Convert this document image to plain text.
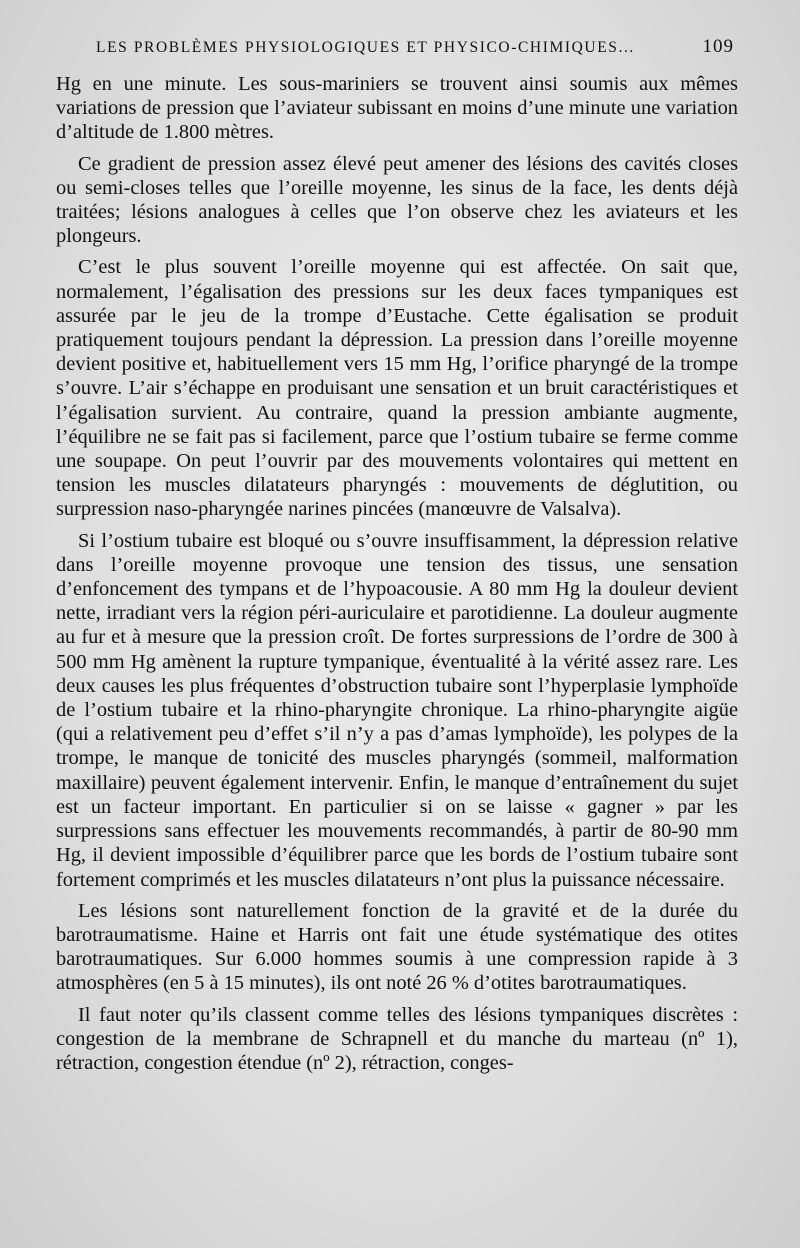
LES PROBLÈMES PHYSIOLOGIQUES ET PHYSICO-CHIMIQUES...	109

Hg en une minute. Les sous-mariniers se trouvent ainsi soumis aux mêmes variations de pression que l’aviateur subissant en moins d’une minute une variation d’altitude de 1.800 mètres.

Ce gradient de pression assez élevé peut amener des lésions des cavités closes ou semi-closes telles que l’oreille moyenne, les sinus de la face, les dents déjà traitées; lésions analogues à celles que l’on observe chez les aviateurs et les plongeurs.

C’est le plus souvent l’oreille moyenne qui est affectée. On sait que, normalement, l’égalisation des pressions sur les deux faces tympaniques est assurée par le jeu de la trompe d’Eustache. Cette égalisation se produit pratiquement toujours pendant la dépression. La pression dans l’oreille moyenne devient positive et, habituellement vers 15 mm Hg, l’orifice pharyngé de la trompe s’ouvre. L’air s’échappe en produisant une sensation et un bruit caractéristiques et l’égalisation survient. Au contraire, quand la pression ambiante augmente, l’équilibre ne se fait pas si facilement, parce que l’ostium tubaire se ferme comme une soupape. On peut l’ouvrir par des mouvements volontaires qui mettent en tension les muscles dilatateurs pharyngés : mouvements de déglutition, ou surpression naso-pharyngée narines pincées (manœuvre de Valsalva).

Si l’ostium tubaire est bloqué ou s’ouvre insuffisamment, la dépression relative dans l’oreille moyenne provoque une tension des tissus, une sensation d’enfoncement des tympans et de l’hypoacousie. A 80 mm Hg la douleur devient nette, irradiant vers la région péri-auriculaire et parotidienne. La douleur augmente au fur et à mesure que la pression croît. De fortes surpressions de l’ordre de 300 à 500 mm Hg amènent la rupture tympanique, éventualité à la vérité assez rare. Les deux causes les plus fréquentes d’obstruction tubaire sont l’hyperplasie lymphoïde de l’ostium tubaire et la rhino-pharyngite chronique. La rhino-pharyngite aigüe (qui a relativement peu d’effet s’il n’y a pas d’amas lymphoïde), les polypes de la trompe, le manque de tonicité des muscles pharyngés (sommeil, malformation maxillaire) peuvent également intervenir. Enfin, le manque d’entraînement du sujet est un facteur important. En particulier si on se laisse « gagner » par les surpressions sans effectuer les mouvements recommandés, à partir de 80-90 mm Hg, il devient impossible d’équilibrer parce que les bords de l’ostium tubaire sont fortement comprimés et les muscles dilatateurs n’ont plus la puissance nécessaire.

Les lésions sont naturellement fonction de la gravité et de la durée du barotraumatisme. Haine et Harris ont fait une étude systématique des otites barotraumatiques. Sur 6.000 hommes soumis à une compression rapide à 3 atmosphères (en 5 à 15 minutes), ils ont noté 26 % d’otites barotraumatiques.

Il faut noter qu’ils classent comme telles des lésions tympaniques discrètes : congestion de la membrane de Schrapnell et du manche du marteau (nº 1), rétraction, congestion étendue (nº 2), rétraction, conges-
